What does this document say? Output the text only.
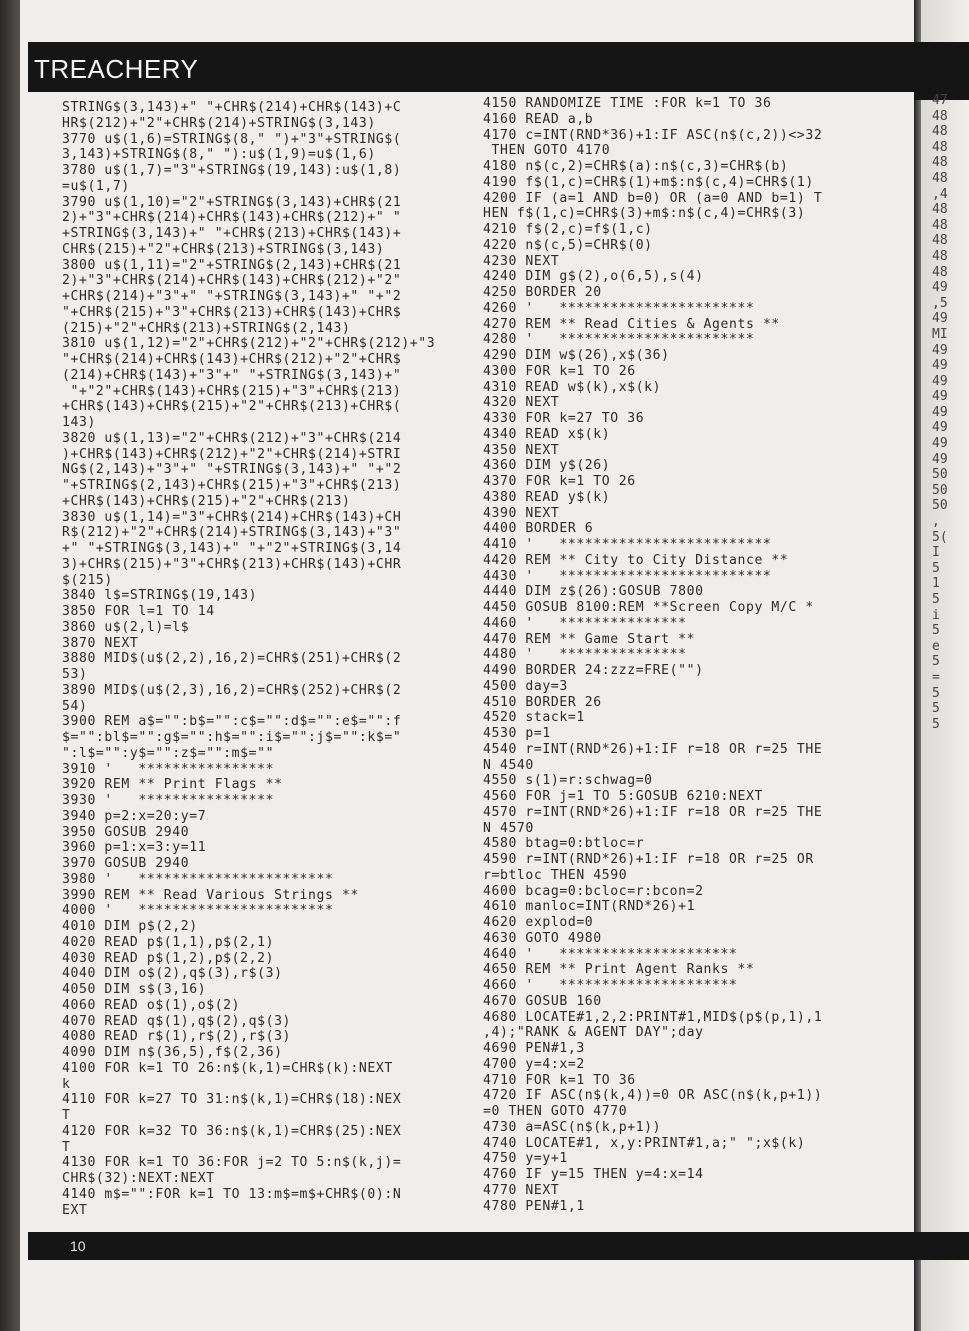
TREACHERY
STRING$(3,143)+" "+CHR$(214)+CHR$(143)+C
HR$(212)+"2"+CHR$(214)+STRING$(3,143)
3770 u$(1,6)=STRING$(8," ")+"3"+STRING$(
3,143)+STRING$(8," "):u$(1,9)=u$(1,6)
3780 u$(1,7)="3"+STRING$(19,143):u$(1,8)
=u$(1,7)
3790 u$(1,10)="2"+STRING$(3,143)+CHR$(21
2)+"3"+CHR$(214)+CHR$(143)+CHR$(212)+" "
+STRING$(3,143)+" "+CHR$(213)+CHR$(143)+
CHR$(215)+"2"+CHR$(213)+STRING$(3,143)
3800 u$(1,11)="2"+STRING$(2,143)+CHR$(21
2)+"3"+CHR$(214)+CHR$(143)+CHR$(212)+"2"
+CHR$(214)+"3"+" "+STRING$(3,143)+" "+"2
"+CHR$(215)+"3"+CHR$(213)+CHR$(143)+CHR$
(215)+"2"+CHR$(213)+STRING$(2,143)
3810 u$(1,12)="2"+CHR$(212)+"2"+CHR$(212)+"3
"+CHR$(214)+CHR$(143)+CHR$(212)+"2"+CHR$
(214)+CHR$(143)+"3"+" "+STRING$(3,143)+"
"+"2"+CHR$(143)+CHR$(215)+"3"+CHR$(213)
+CHR$(143)+CHR$(215)+"2"+CHR$(213)+CHR$(
143)
3820 u$(1,13)="2"+CHR$(212)+"3"+CHR$(214
)+CHR$(143)+CHR$(212)+"2"+CHR$(214)+STRI
NG$(2,143)+"3"+" "+STRING$(3,143)+" "+"2
"+STRING$(2,143)+CHR$(215)+"3"+CHR$(213)
+CHR$(143)+CHR$(215)+"2"+CHR$(213)
3830 u$(1,14)="3"+CHR$(214)+CHR$(143)+CH
R$(212)+"2"+CHR$(214)+STRING$(3,143)+"3"
+" "+STRING$(3,143)+" "+"2"+STRING$(3,14
3)+CHR$(215)+"3"+CHR$(213)+CHR$(143)+CHR
$(215)
3840 l$=STRING$(19,143)
3850 FOR l=1 TO 14
3860 u$(2,l)=l$
3870 NEXT
3880 MID$(u$(2,2),16,2)=CHR$(251)+CHR$(2
53)
3890 MID$(u$(2,3),16,2)=CHR$(252)+CHR$(2
54)
3900 REM a$="":b$="":c$="":d$="":e$="":f
$="":bl$="":g$="":h$="":i$="":j$="":k$="
":l$="":y$="":z$="":m$=""
3910 '   ****************
3920 REM ** Print Flags **
3930 '   ****************
3940 p=2:x=20:y=7
3950 GOSUB 2940
3960 p=1:x=3:y=11
3970 GOSUB 2940
3980 '   ***********************
3990 REM ** Read Various Strings **
4000 '   ***********************
4010 DIM p$(2,2)
4020 READ p$(1,1),p$(2,1)
4030 READ p$(1,2),p$(2,2)
4040 DIM o$(2),q$(3),r$(3)
4050 DIM s$(3,16)
4060 READ o$(1),o$(2)
4070 READ q$(1),q$(2),q$(3)
4080 READ r$(1),r$(2),r$(3)
4090 DIM n$(36,5),f$(2,36)
4100 FOR k=1 TO 26:n$(k,1)=CHR$(k):NEXT
k
4110 FOR k=27 TO 31:n$(k,1)=CHR$(18):NEX
T
4120 FOR k=32 TO 36:n$(k,1)=CHR$(25):NEX
T
4130 FOR k=1 TO 36:FOR j=2 TO 5:n$(k,j)=
CHR$(32):NEXT:NEXT
4140 m$="":FOR k=1 TO 13:m$=m$+CHR$(0):N
EXT
4150 RANDOMIZE TIME :FOR k=1 TO 36
4160 READ a,b
4170 c=INT(RND*36)+1:IF ASC(n$(c,2))<>32
THEN GOTO 4170
4180 n$(c,2)=CHR$(a):n$(c,3)=CHR$(b)
4190 f$(1,c)=CHR$(1)+m$:n$(c,4)=CHR$(1)
4200 IF (a=1 AND b=0) OR (a=0 AND b=1) T
HEN f$(1,c)=CHR$(3)+m$:n$(c,4)=CHR$(3)
4210 f$(2,c)=f$(1,c)
4220 n$(c,5)=CHR$(0)
4230 NEXT
4240 DIM g$(2),o(6,5),s(4)
4250 BORDER 20
4260 '   ***********************
4270 REM ** Read Cities & Agents **
4280 '   ***********************
4290 DIM w$(26),x$(36)
4300 FOR k=1 TO 26
4310 READ w$(k),x$(k)
4320 NEXT
4330 FOR k=27 TO 36
4340 READ x$(k)
4350 NEXT
4360 DIM y$(26)
4370 FOR k=1 TO 26
4380 READ y$(k)
4390 NEXT
4400 BORDER 6
4410 '   *************************
4420 REM ** City to City Distance **
4430 '   *************************
4440 DIM z$(26):GOSUB 7800
4450 GOSUB 8100:REM **Screen Copy M/C *
4460 '   ***************
4470 REM ** Game Start **
4480 '   ***************
4490 BORDER 24:zzz=FRE("")
4500 day=3
4510 BORDER 26
4520 stack=1
4530 p=1
4540 r=INT(RND*26)+1:IF r=18 OR r=25 THE
N 4540
4550 s(1)=r:schwag=0
4560 FOR j=1 TO 5:GOSUB 6210:NEXT
4570 r=INT(RND*26)+1:IF r=18 OR r=25 THE
N 4570
4580 btag=0:btloc=r
4590 r=INT(RND*26)+1:IF r=18 OR r=25 OR
r=btloc THEN 4590
4600 bcag=0:bcloc=r:bcon=2
4610 manloc=INT(RND*26)+1
4620 explod=0
4630 GOTO 4980
4640 '   *********************
4650 REM ** Print Agent Ranks **
4660 '   *********************
4670 GOSUB 160
4680 LOCATE#1,2,2:PRINT#1,MID$(p$(p,1),1
,4);"RANK & AGENT DAY";day
4690 PEN#1,3
4700 y=4:x=2
4710 FOR k=1 TO 36
4720 IF ASC(n$(k,4))=0 OR ASC(n$(k,p+1))
=0 THEN GOTO 4770
4730 a=ASC(n$(k,p+1))
4740 LOCATE#1, x,y:PRINT#1,a;" ";x$(k)
4750 y=y+1
4760 IF y=15 THEN y=4:x=14
4770 NEXT
4780 PEN#1,1
10
47
48
48
48
48
48
,4
48
48
48
48
48
49
,5
49
MI
49
49
49
49
49
49
49
49
50
50
50
,
5(
I
5
1
5
i
5
e
5
=
5
5
5
